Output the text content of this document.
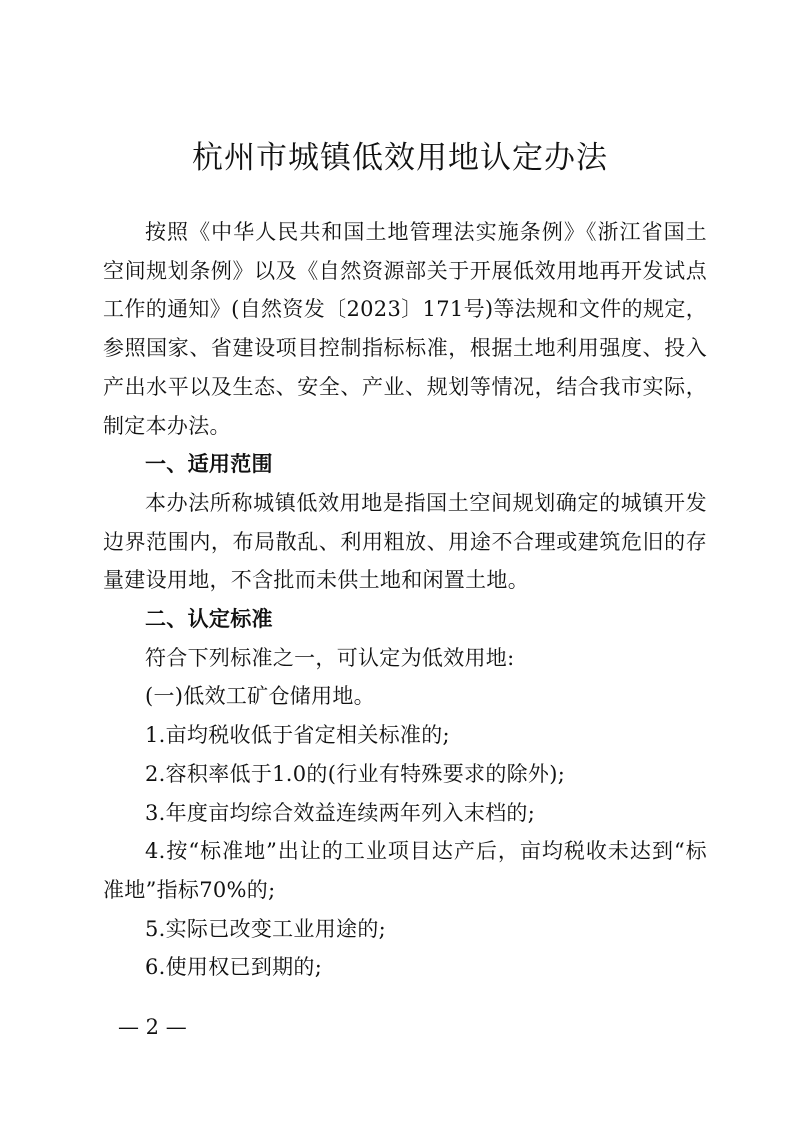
杭州市城镇低效用地认定办法

按照《中华人民共和国土地管理法实施条例》《浙江省国土空间规划条例》以及《自然资源部关于开展低效用地再开发试点工作的通知》(自然资发〔2023〕171号)等法规和文件的规定，参照国家、省建设项目控制指标标准，根据土地利用强度、投入产出水平以及生态、安全、产业、规划等情况，结合我市实际，制定本办法。

一、适用范围

本办法所称城镇低效用地是指国土空间规划确定的城镇开发边界范围内，布局散乱、利用粗放、用途不合理或建筑危旧的存量建设用地，不含批而未供土地和闲置土地。

二、认定标准

符合下列标准之一，可认定为低效用地:

(一)低效工矿仓储用地。

1.亩均税收低于省定相关标准的;

2.容积率低于1.0的(行业有特殊要求的除外);

3.年度亩均综合效益连续两年列入末档的;

4.按“标准地”出让的工业项目达产后，亩均税收未达到“标准地”指标70%的;

5.实际已改变工业用途的;

6.使用权已到期的;

— 2 —
